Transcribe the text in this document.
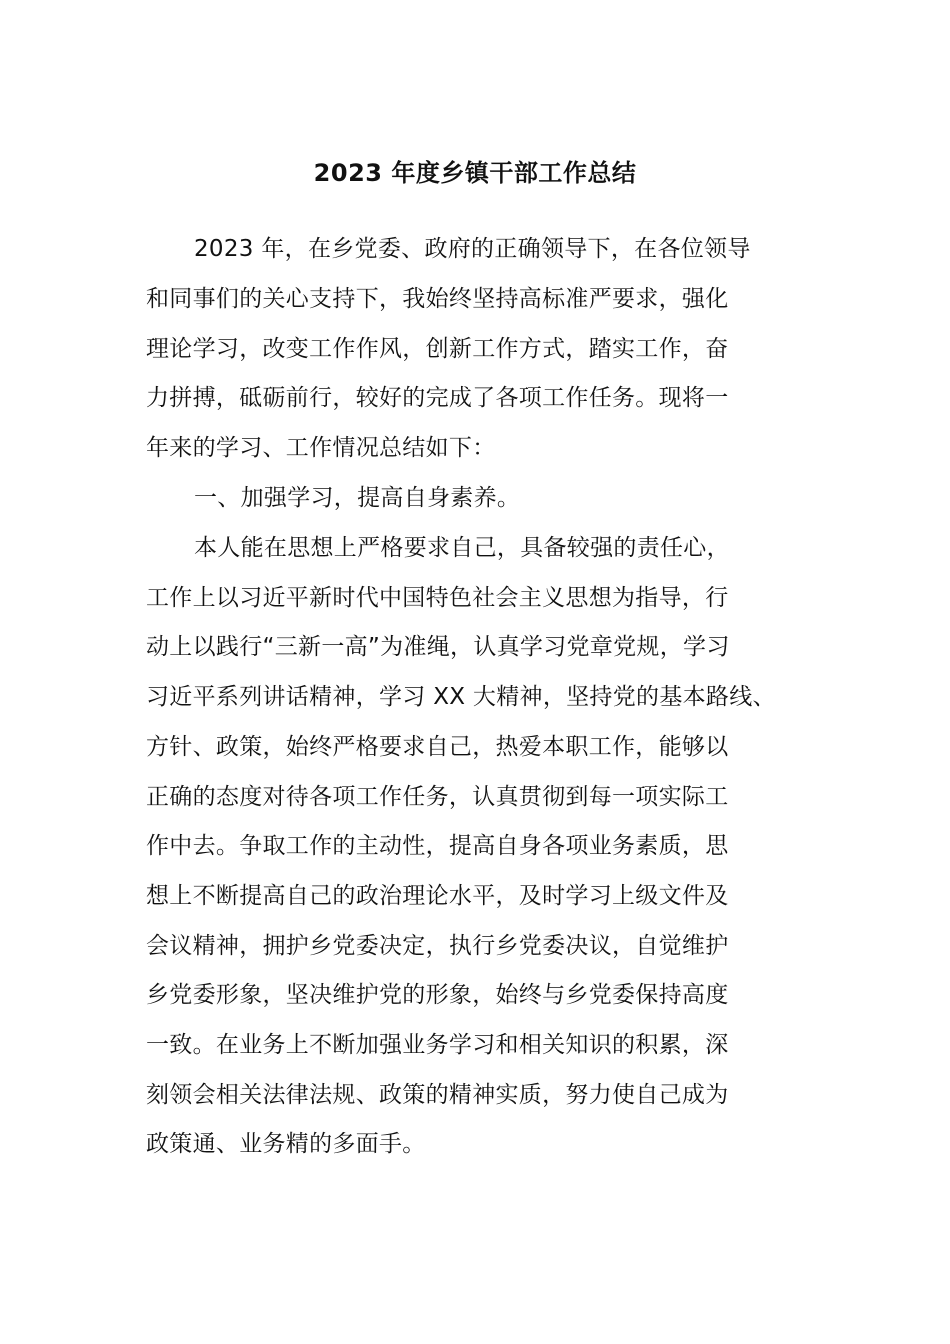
2023 年度乡镇干部工作总结
2023 年，在乡党委、政府的正确领导下，在各位领导
和同事们的关心支持下，我始终坚持高标准严要求，强化
理论学习，改变工作作风，创新工作方式，踏实工作，奋
力拼搏，砥砺前行，较好的完成了各项工作任务。现将一
年来的学习、工作情况总结如下：
一、加强学习，提高自身素养。
本人能在思想上严格要求自己，具备较强的责任心，
工作上以习近平新时代中国特色社会主义思想为指导，行
动上以践行“三新一高”为准绳，认真学习党章党规，学习
习近平系列讲话精神，学习 XX 大精神，坚持党的基本路线、
方针、政策，始终严格要求自己，热爱本职工作，能够以
正确的态度对待各项工作任务，认真贯彻到每一项实际工
作中去。争取工作的主动性，提高自身各项业务素质，思
想上不断提高自己的政治理论水平，及时学习上级文件及
会议精神，拥护乡党委决定，执行乡党委决议，自觉维护
乡党委形象，坚决维护党的形象，始终与乡党委保持高度
一致。在业务上不断加强业务学习和相关知识的积累，深
刻领会相关法律法规、政策的精神实质，努力使自己成为
政策通、业务精的多面手。
